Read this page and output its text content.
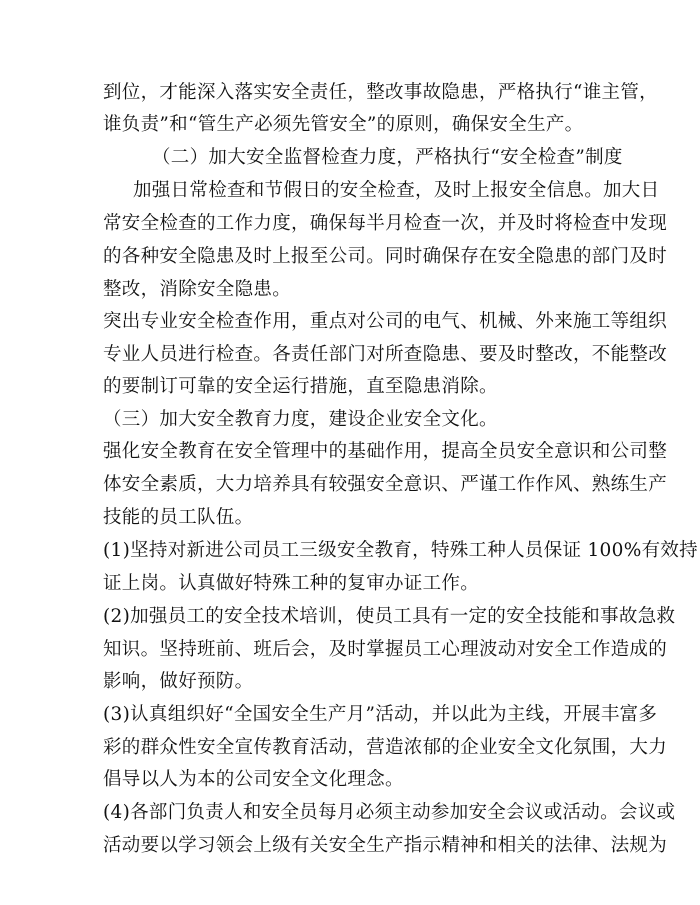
到位，才能深入落实安全责任，整改事故隐患，严格执行“谁主管，
谁负责”和“管生产必须先管安全”的原则，确保安全生产。
（二）加大安全监督检查力度，严格执行“安全检查”制度
加强日常检查和节假日的安全检查，及时上报安全信息。加大日
常安全检查的工作力度，确保每半月检查一次，并及时将检查中发现
的各种安全隐患及时上报至公司。同时确保存在安全隐患的部门及时
整改，消除安全隐患。
突出专业安全检查作用，重点对公司的电气、机械、外来施工等组织
专业人员进行检查。各责任部门对所查隐患、要及时整改，不能整改
的要制订可靠的安全运行措施，直至隐患消除。
（三）加大安全教育力度，建设企业安全文化。
强化安全教育在安全管理中的基础作用，提高全员安全意识和公司整
体安全素质，大力培养具有较强安全意识、严谨工作作风、熟练生产
技能的员工队伍。
(1)坚持对新进公司员工三级安全教育，特殊工种人员保证 100%有效持
证上岗。认真做好特殊工种的复审办证工作。
(2)加强员工的安全技术培训，使员工具有一定的安全技能和事故急救
知识。坚持班前、班后会，及时掌握员工心理波动对安全工作造成的
影响，做好预防。
(3)认真组织好“全国安全生产月”活动，并以此为主线，开展丰富多
彩的群众性安全宣传教育活动，营造浓郁的企业安全文化氛围，大力
倡导以人为本的公司安全文化理念。
(4)各部门负责人和安全员每月必须主动参加安全会议或活动。会议或
活动要以学习领会上级有关安全生产指示精神和相关的法律、法规为
